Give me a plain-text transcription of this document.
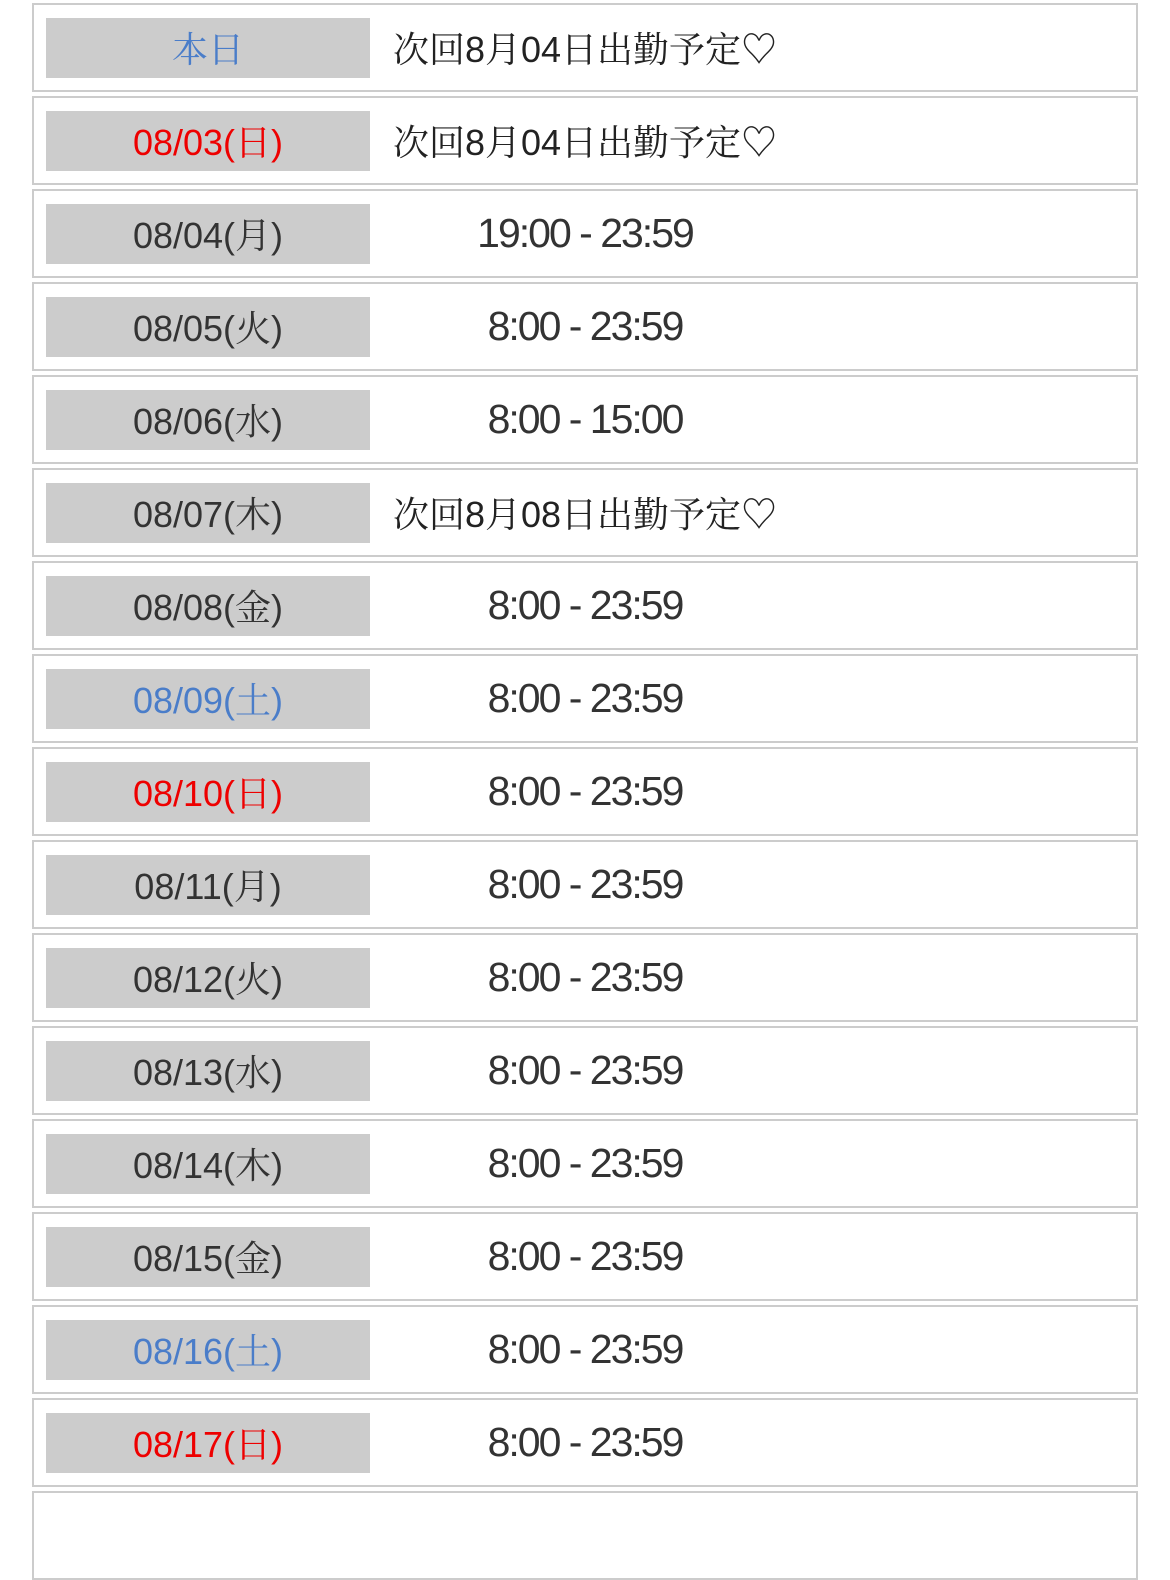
本日	次回8月04日出勤予定♡
08/03(日)	次回8月04日出勤予定♡
08/04(月)	19:00 - 23:59
08/05(火)	8:00 - 23:59
08/06(水)	8:00 - 15:00
08/07(木)	次回8月08日出勤予定♡
08/08(金)	8:00 - 23:59
08/09(土)	8:00 - 23:59
08/10(日)	8:00 - 23:59
08/11(月)	8:00 - 23:59
08/12(火)	8:00 - 23:59
08/13(水)	8:00 - 23:59
08/14(木)	8:00 - 23:59
08/15(金)	8:00 - 23:59
08/16(土)	8:00 - 23:59
08/17(日)	8:00 - 23:59
